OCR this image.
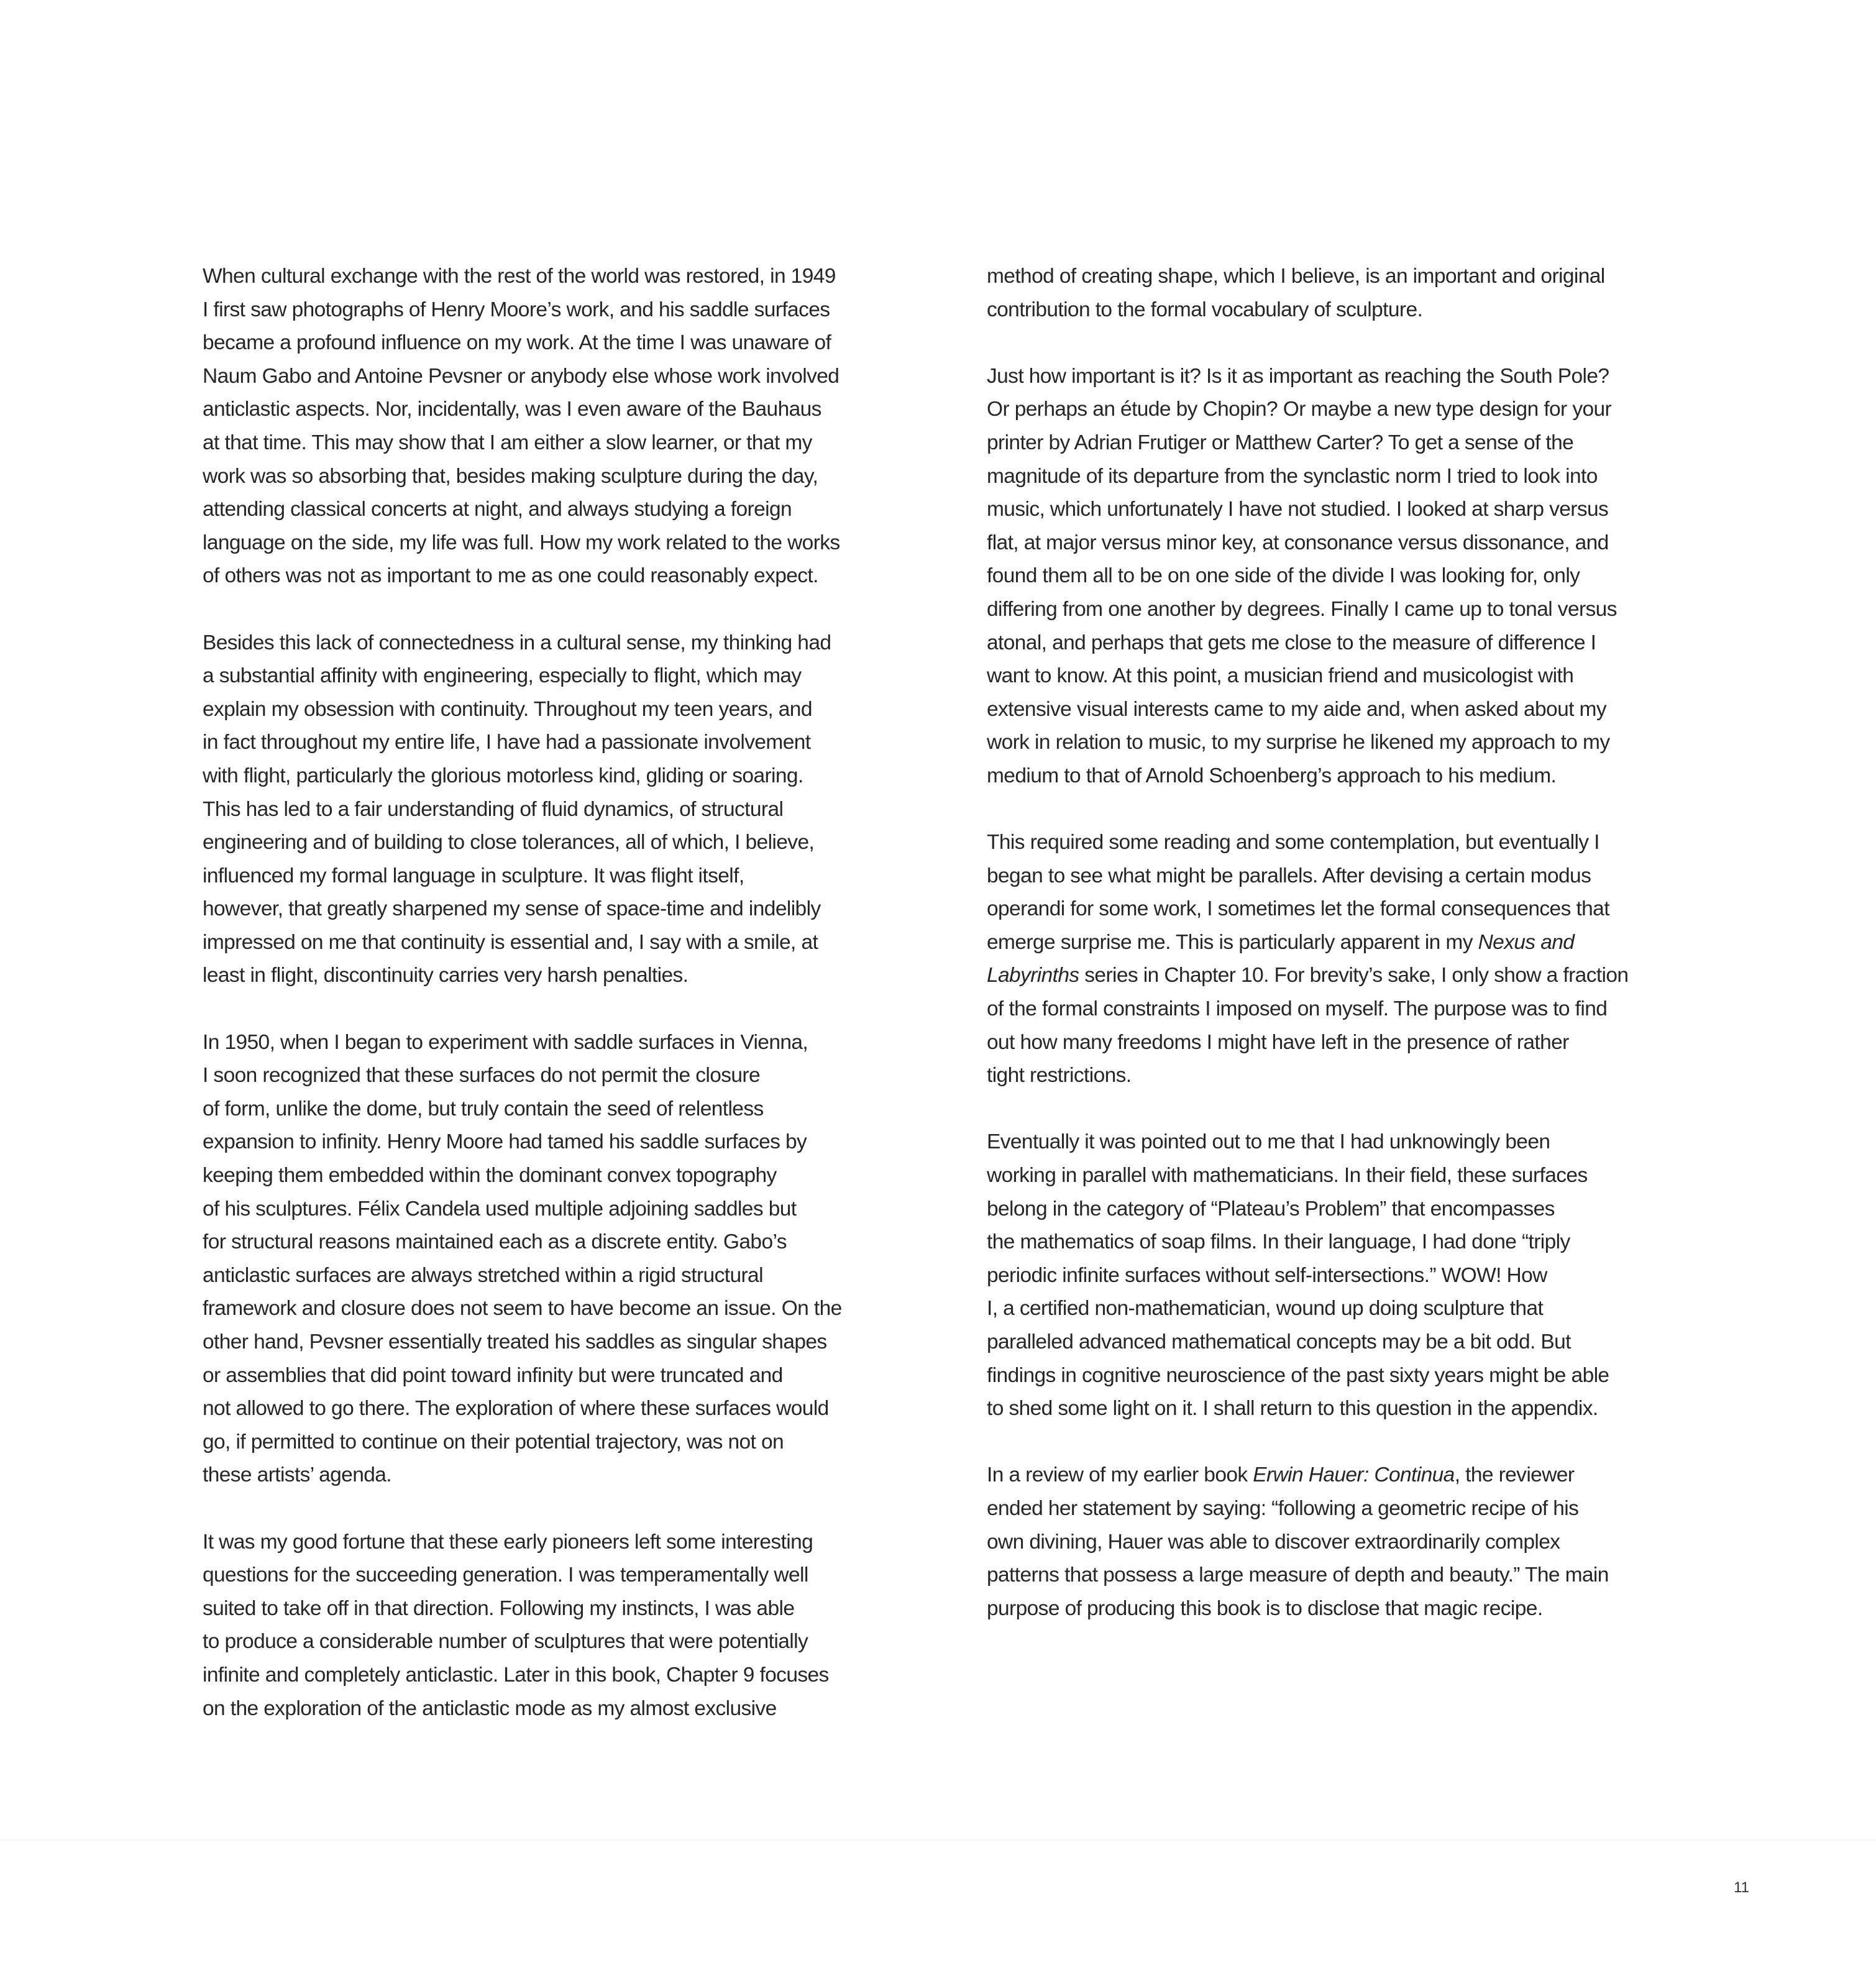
When cultural exchange with the rest of the world was restored, in 1949
I first saw photographs of Henry Moore’s work, and his saddle surfaces
became a profound influence on my work. At the time I was unaware of
Naum Gabo and Antoine Pevsner or anybody else whose work involved
anticlastic aspects. Nor, incidentally, was I even aware of the Bauhaus
at that time. This may show that I am either a slow learner, or that my
work was so absorbing that, besides making sculpture during the day,
attending classical concerts at night, and always studying a foreign
language on the side, my life was full. How my work related to the works
of others was not as important to me as one could reasonably expect.
Besides this lack of connectedness in a cultural sense, my thinking had
a substantial affinity with engineering, especially to flight, which may
explain my obsession with continuity. Throughout my teen years, and
in fact throughout my entire life, I have had a passionate involvement
with flight, particularly the glorious motorless kind, gliding or soaring.
This has led to a fair understanding of fluid dynamics, of structural
engineering and of building to close tolerances, all of which, I believe,
influenced my formal language in sculpture. It was flight itself,
however, that greatly sharpened my sense of space-time and indelibly
impressed on me that continuity is essential and, I say with a smile, at
least in flight, discontinuity carries very harsh penalties.
In 1950, when I began to experiment with saddle surfaces in Vienna,
I soon recognized that these surfaces do not permit the closure
of form, unlike the dome, but truly contain the seed of relentless
expansion to infinity. Henry Moore had tamed his saddle surfaces by
keeping them embedded within the dominant convex topography
of his sculptures. Félix Candela used multiple adjoining saddles but
for structural reasons maintained each as a discrete entity. Gabo’s
anticlastic surfaces are always stretched within a rigid structural
framework and closure does not seem to have become an issue. On the
other hand, Pevsner essentially treated his saddles as singular shapes
or assemblies that did point toward infinity but were truncated and
not allowed to go there. The exploration of where these surfaces would
go, if permitted to continue on their potential trajectory, was not on
these artists’ agenda.
It was my good fortune that these early pioneers left some interesting
questions for the succeeding generation. I was temperamentally well
suited to take off in that direction. Following my instincts, I was able
to produce a considerable number of sculptures that were potentially
infinite and completely anticlastic. Later in this book, Chapter 9 focuses
on the exploration of the anticlastic mode as my almost exclusive
method of creating shape, which I believe, is an important and original
contribution to the formal vocabulary of sculpture.
Just how important is it? Is it as important as reaching the South Pole?
Or perhaps an étude by Chopin? Or maybe a new type design for your
printer by Adrian Frutiger or Matthew Carter? To get a sense of the
magnitude of its departure from the synclastic norm I tried to look into
music, which unfortunately I have not studied. I looked at sharp versus
flat, at major versus minor key, at consonance versus dissonance, and
found them all to be on one side of the divide I was looking for, only
differing from one another by degrees. Finally I came up to tonal versus
atonal, and perhaps that gets me close to the measure of difference I
want to know. At this point, a musician friend and musicologist with
extensive visual interests came to my aide and, when asked about my
work in relation to music, to my surprise he likened my approach to my
medium to that of Arnold Schoenberg’s approach to his medium.
This required some reading and some contemplation, but eventually I
began to see what might be parallels. After devising a certain modus
operandi for some work, I sometimes let the formal consequences that
emerge surprise me. This is particularly apparent in my Nexus and
Labyrinths series in Chapter 10. For brevity’s sake, I only show a fraction
of the formal constraints I imposed on myself. The purpose was to find
out how many freedoms I might have left in the presence of rather
tight restrictions.
Eventually it was pointed out to me that I had unknowingly been
working in parallel with mathematicians. In their field, these surfaces
belong in the category of “Plateau’s Problem” that encompasses
the mathematics of soap films. In their language, I had done “triply
periodic infinite surfaces without self-intersections.” WOW! How
I, a certified non-mathematician, wound up doing sculpture that
paralleled advanced mathematical concepts may be a bit odd. But
findings in cognitive neuroscience of the past sixty years might be able
to shed some light on it. I shall return to this question in the appendix.
In a review of my earlier book Erwin Hauer: Continua, the reviewer
ended her statement by saying: “following a geometric recipe of his
own divining, Hauer was able to discover extraordinarily complex
patterns that possess a large measure of depth and beauty.” The main
purpose of producing this book is to disclose that magic recipe.
11
